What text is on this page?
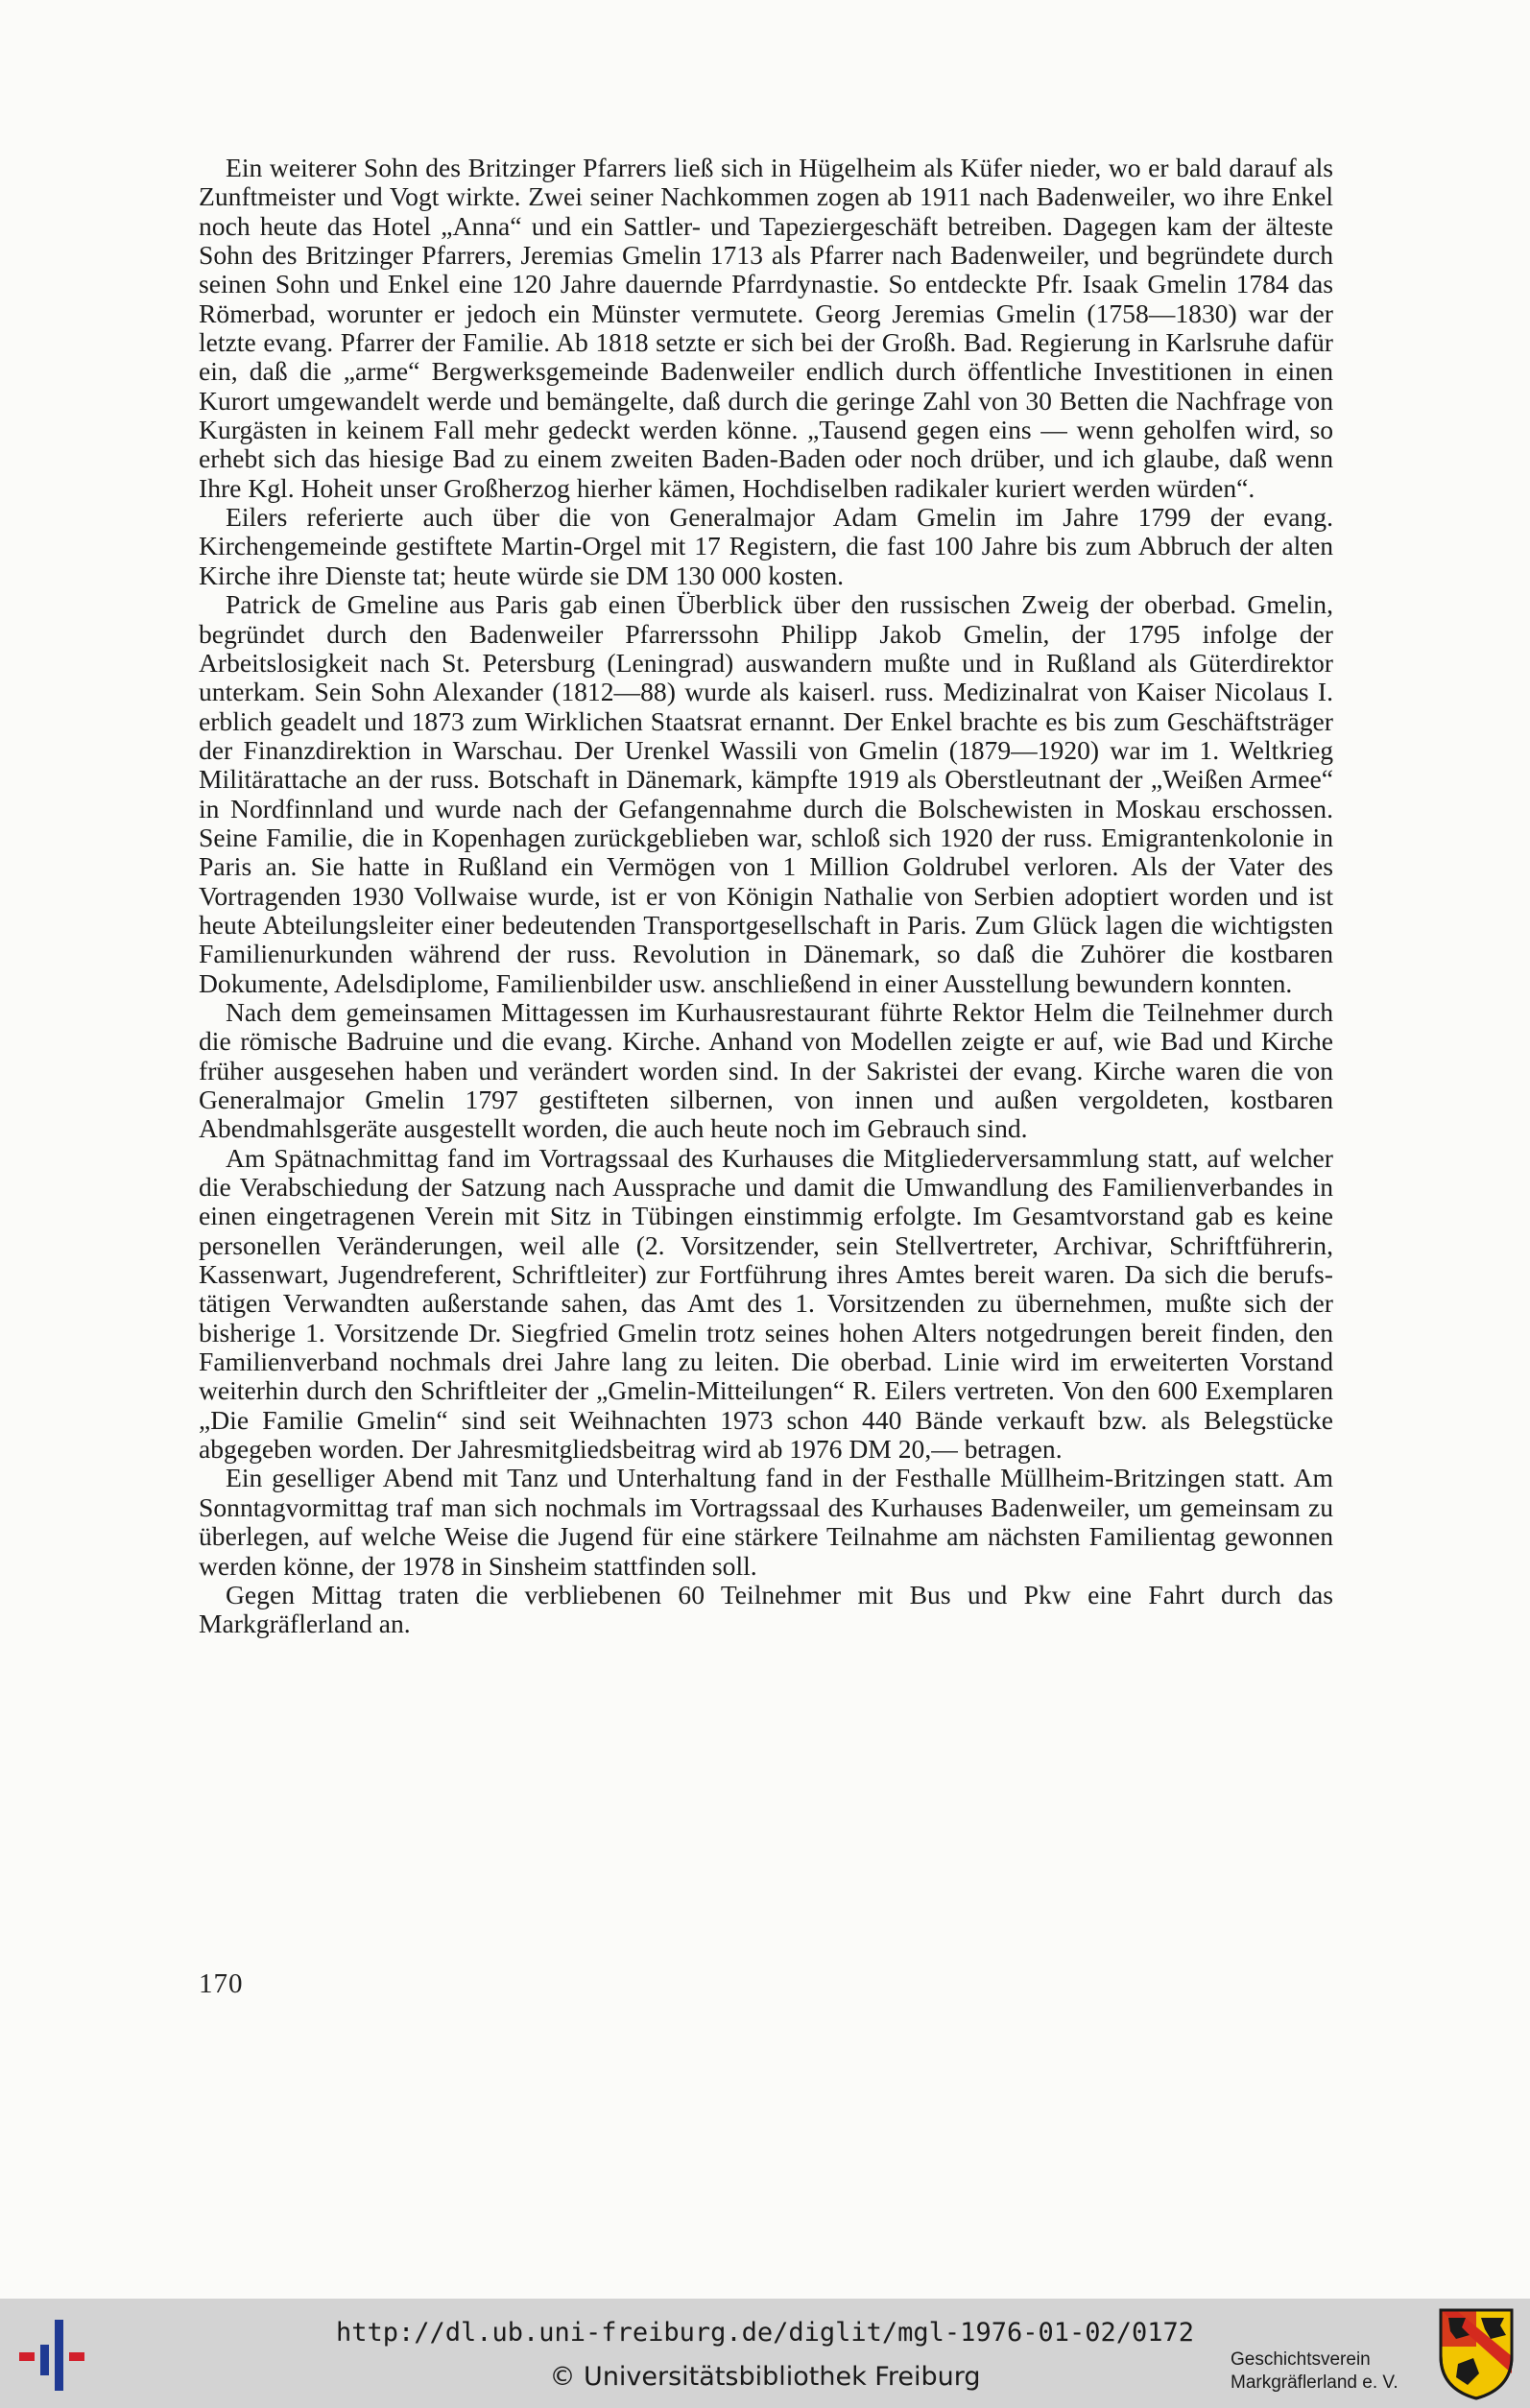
Ein weiterer Sohn des Britzinger Pfarrers ließ sich in Hügelheim als Küfer nieder, wo er bald darauf als Zunftmeister und Vogt wirkte. Zwei seiner Nachkommen zogen ab 1911 nach Badenweiler, wo ihre Enkel noch heute das Hotel „Anna“ und ein Sattler- und Tapeziergeschäft betreiben. Dagegen kam der älteste Sohn des Britzinger Pfarrers, Jeremias Gmelin 1713 als Pfarrer nach Badenweiler, und begründete durch seinen Sohn und Enkel eine 120 Jahre dauernde Pfarrdynastie. So entdeckte Pfr. Isaak Gmelin 1784 das Römerbad, worunter er jedoch ein Münster vermutete. Georg Jeremias Gmelin (1758—1830) war der letzte evang. Pfarrer der Familie. Ab 1818 setzte er sich bei der Großh. Bad. Regierung in Karlsruhe dafür ein, daß die „arme“ Bergwerksgemeinde Badenweiler endlich durch öffentliche Investitionen in einen Kurort umgewandelt werde und bemängelte, daß durch die geringe Zahl von 30 Betten die Nachfrage von Kurgästen in keinem Fall mehr gedeckt werden könne. „Tausend gegen eins — wenn geholfen wird, so erhebt sich das hiesige Bad zu einem zweiten Baden-Baden oder noch drüber, und ich glaube, daß wenn Ihre Kgl. Hoheit unser Großherzog hierher kämen, Hochdiselben radikaler kuriert werden würden“.

Eilers referierte auch über die von Generalmajor Adam Gmelin im Jahre 1799 der evang. Kirchengemeinde gestiftete Martin-Orgel mit 17 Registern, die fast 100 Jahre bis zum Abbruch der alten Kirche ihre Dienste tat; heute würde sie DM 130 000 kosten.

Patrick de Gmeline aus Paris gab einen Überblick über den russischen Zweig der oberbad. Gmelin, begründet durch den Badenweiler Pfarrerssohn Philipp Jakob Gmelin, der 1795 infolge der Arbeitslosigkeit nach St. Petersburg (Leningrad) auswandern mußte und in Rußland als Güterdirektor unterkam. Sein Sohn Alexander (1812—88) wurde als kaiserl. russ. Medizinalrat von Kaiser Nicolaus I. erblich geadelt und 1873 zum Wirklichen Staatsrat ernannt. Der Enkel brachte es bis zum Geschäftsträger der Finanzdirektion in Warschau. Der Urenkel Wassili von Gmelin (1879—1920) war im 1. Weltkrieg Militärattache an der russ. Botschaft in Dänemark, kämpfte 1919 als Oberstleutnant der „Weißen Armee“ in Nordfinnland und wurde nach der Gefangennahme durch die Bolschewisten in Moskau erschossen. Seine Familie, die in Kopenhagen zurückgeblieben war, schloß sich 1920 der russ. Emigrantenkolonie in Paris an. Sie hatte in Rußland ein Vermögen von 1 Million Goldrubel verloren. Als der Vater des Vortragenden 1930 Vollwaise wurde, ist er von Königin Nathalie von Serbien adoptiert worden und ist heute Abteilungsleiter einer bedeutenden Transportgesellschaft in Paris. Zum Glück lagen die wichtigsten Familienurkunden während der russ. Revolution in Dänemark, so daß die Zuhörer die kostbaren Dokumente, Adelsdiplome, Familienbilder usw. anschließend in einer Ausstellung bewundern konnten.

Nach dem gemeinsamen Mittagessen im Kurhausrestaurant führte Rektor Helm die Teilnehmer durch die römische Badruine und die evang. Kirche. Anhand von Modellen zeigte er auf, wie Bad und Kirche früher ausgesehen haben und verändert worden sind. In der Sakristei der evang. Kirche waren die von Generalmajor Gmelin 1797 gestifteten silbernen, von innen und außen vergoldeten, kostbaren Abendmahlsgeräte ausgestellt worden, die auch heute noch im Gebrauch sind.

Am Spätnachmittag fand im Vortragssaal des Kurhauses die Mitgliederversammlung statt, auf welcher die Verabschiedung der Satzung nach Aussprache und damit die Umwandlung des Familienverbandes in einen eingetragenen Verein mit Sitz in Tübingen einstimmig erfolgte. Im Gesamtvorstand gab es keine personellen Veränderungen, weil alle (2. Vorsitzender, sein Stellvertreter, Archivar, Schriftführerin, Kassenwart, Jugendreferent, Schriftleiter) zur Fortführung ihres Amtes bereit waren. Da sich die berufstätigen Verwandten außerstande sahen, das Amt des 1. Vorsitzenden zu übernehmen, mußte sich der bisherige 1. Vorsitzende Dr. Siegfried Gmelin trotz seines hohen Alters notgedrungen bereit finden, den Familienverband nochmals drei Jahre lang zu leiten. Die oberbad. Linie wird im erweiterten Vorstand weiterhin durch den Schriftleiter der „Gmelin-Mitteilungen“ R. Eilers vertreten. Von den 600 Exemplaren „Die Familie Gmelin“ sind seit Weihnachten 1973 schon 440 Bände verkauft bzw. als Belegstücke abgegeben worden. Der Jahresmitgliedsbeitrag wird ab 1976 DM 20,— betragen.

Ein geselliger Abend mit Tanz und Unterhaltung fand in der Festhalle Müllheim-Britzingen statt. Am Sonntagvormittag traf man sich nochmals im Vortragssaal des Kurhauses Badenweiler, um gemeinsam zu überlegen, auf welche Weise die Jugend für eine stärkere Teilnahme am nächsten Familientag gewonnen werden könne, der 1978 in Sinsheim stattfinden soll.

Gegen Mittag traten die verbliebenen 60 Teilnehmer mit Bus und Pkw eine Fahrt durch das Markgräflerland an.

170
http://dl.ub.uni-freiburg.de/diglit/mgl-1976-01-02/0172
© Universitätsbibliothek Freiburg
Geschichtsverein
Markgräflerland e. V.
